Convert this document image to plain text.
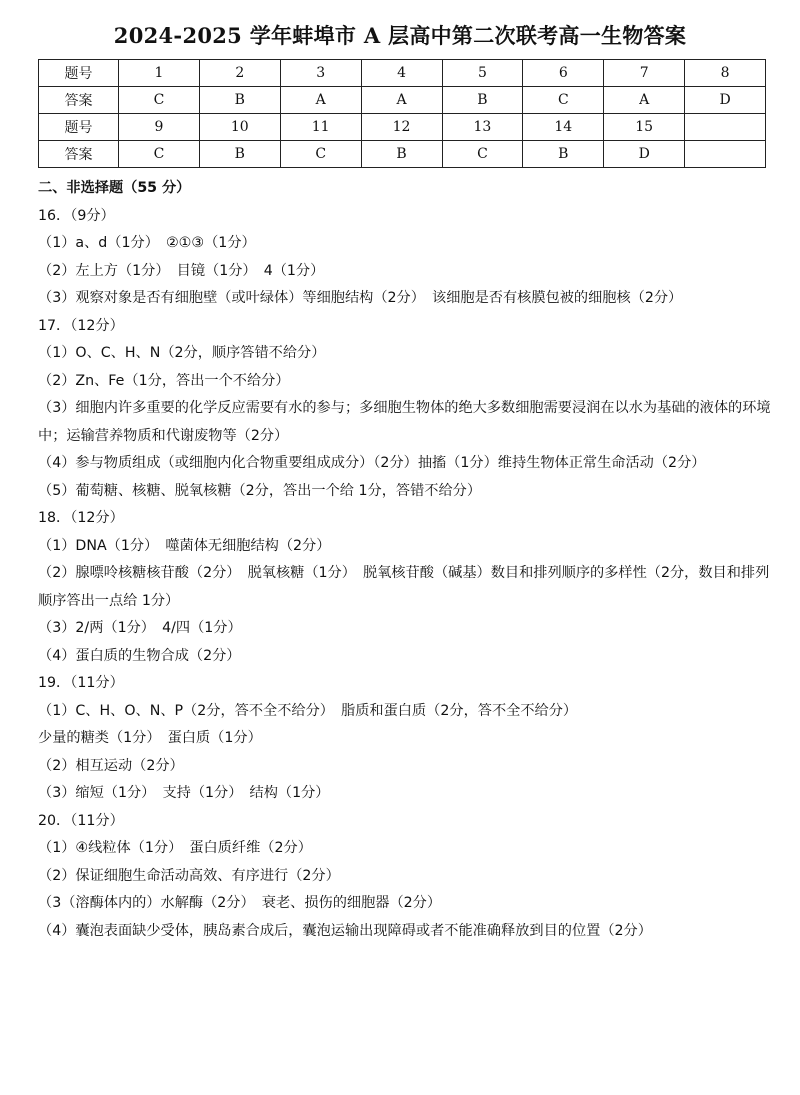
2024-2025 学年蚌埠市 A 层高中第二次联考高一生物答案
题号	1	2	3	4	5	6	7	8
答案	C	B	A	A	B	C	A	D
题号	9	10	11	12	13	14	15	
答案	C	B	C	B	C	B	D	
二、非选择题（55 分）
16．（9分）
（1）a、d（1分）　②①③（1分）
（2）左上方（1分）　目镜（1分）　4（1分）
（3）观察对象是否有细胞壁（或叶绿体）等细胞结构（2分）　该细胞是否有核膜包被的细胞核（2分）
17．（12分）
（1）O、C、H、N（2分，顺序答错不给分）
（2）Zn、Fe（1分，答出一个不给分）
（3）细胞内许多重要的化学反应需要有水的参与；多细胞生物体的绝大多数细胞需要浸润在以水为基础的液体的环境中；运输营养物质和代谢废物等（2分）
（4）参与物质组成（或细胞内化合物重要组成成分）（2分）抽搐（1分）维持生物体正常生命活动（2分）
（5）葡萄糖、核糖、脱氧核糖（2分，答出一个给 1分，答错不给分）
18．（12分）
（1）DNA（1分）　噬菌体无细胞结构（2分）
（2）腺嘌呤核糖核苷酸（2分）　脱氧核糖（1分）　脱氧核苷酸（碱基）数目和排列顺序的多样性（2分，数目和排列顺序答出一点给 1分）
（3）2/两（1分）　4/四（1分）
（4）蛋白质的生物合成（2分）
19．（11分）
（1）C、H、O、N、P（2分，答不全不给分）　脂质和蛋白质（2分，答不全不给分）
少量的糖类（1分）　蛋白质（1分）
（2）相互运动（2分）
（3）缩短（1分）　支持（1分）　结构（1分）
20．（11分）
（1）④线粒体（1分）　蛋白质纤维（2分）
（2）保证细胞生命活动高效、有序进行（2分）
（3（溶酶体内的）水解酶（2分）　衰老、损伤的细胞器（2分）
（4）囊泡表面缺少受体，胰岛素合成后，囊泡运输出现障碍或者不能准确释放到目的位置（2分）
